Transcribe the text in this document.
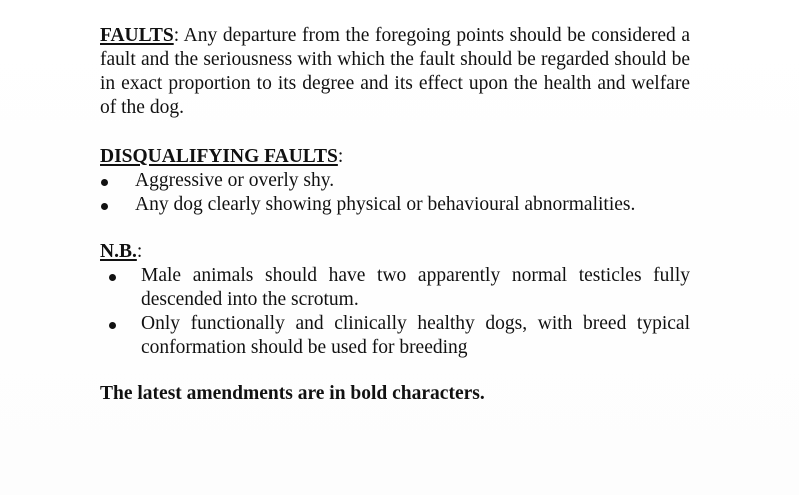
FAULTS: Any departure from the foregoing points should be considered a fault and the seriousness with which the fault should be regarded should be in exact proportion to its degree and its effect upon the health and welfare of the dog.

DISQUALIFYING FAULTS:

Aggressive or overly shy.
Any dog clearly showing physical or behavioural abnormalities.

N.B.:

Male animals should have two apparently normal testicles fully descended into the scrotum.
Only functionally and clinically healthy dogs, with breed typical conformation should be used for breeding

The latest amendments are in bold characters.
